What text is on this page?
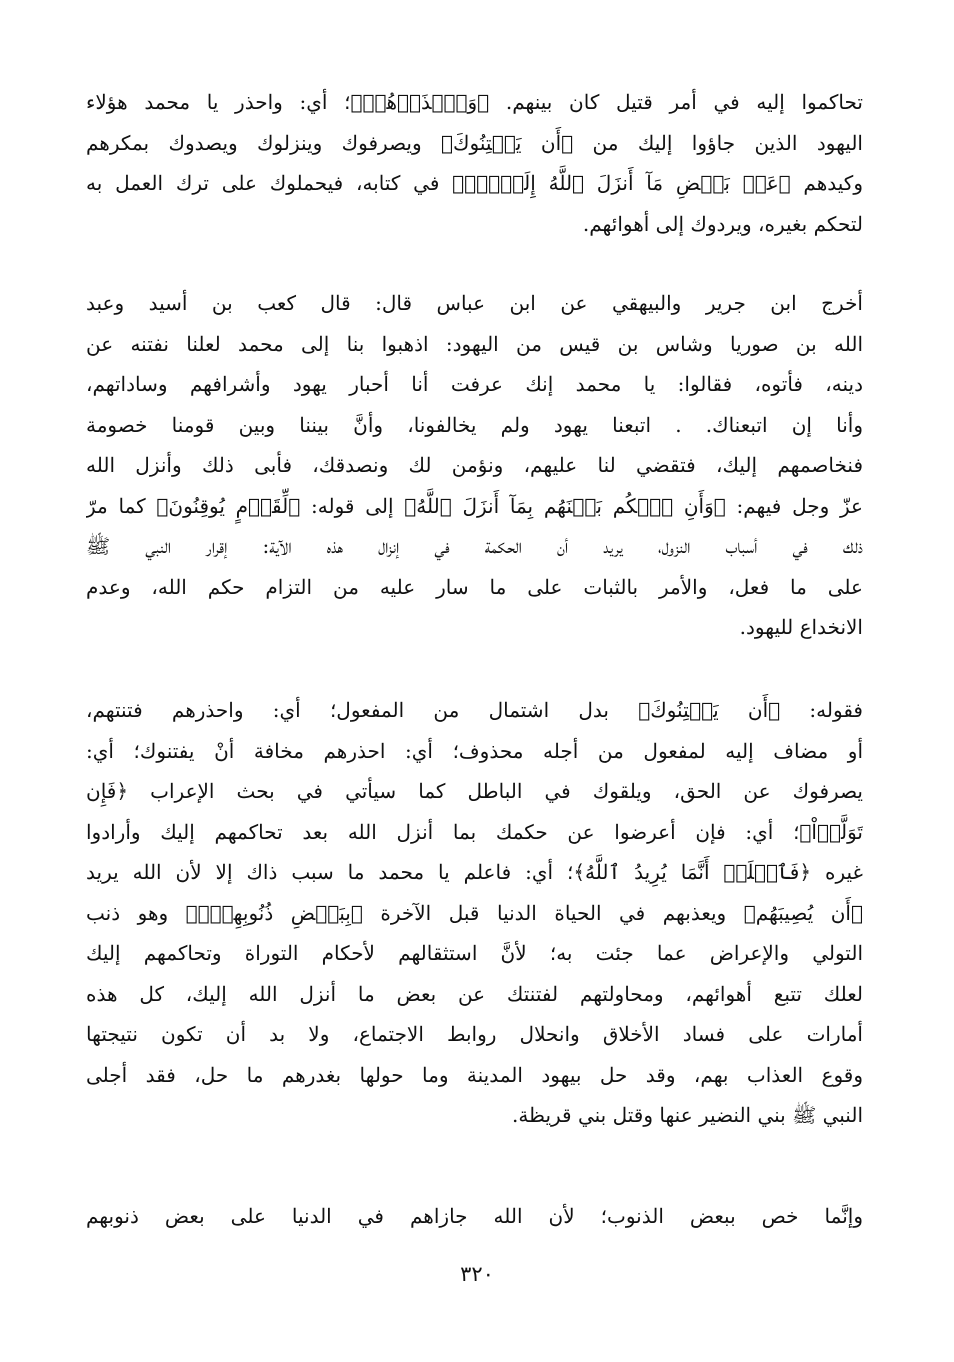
تحاكموا إليه في أمر قتيل كان بينهم. ﴿وَٱحۡذَرۡهُمۡ﴾؛ أي: واحذر يا محمد هؤلاء
اليهود الذين جاؤوا إليك من ﴿أَن يَفۡتِنُوكَ﴾ ويصرفوك وينزلوك ويصدوك بمكرهم
وكيدهم ﴿عَنۢ بَعۡضِ مَآ أَنزَلَ ٱللَّهُ إِلَيۡكَۖ﴾ في كتابه، فيحملوك على ترك العمل به
لتحكم بغيره، ويردوك إلى أهوائهم.
أخرج ابن جرير والبيهقي عن ابن عباس قال: قال كعب بن أسيد وعبد
الله بن صوريا وشاس بن قيس من اليهود: اذهبوا بنا إلى محمد لعلنا نفتنه عن
دينه، فأتوه، فقالوا: يا محمد إنك عرفت أنا أحبار يهود وأشرافهم وساداتهم،
وأنا إن اتبعناك. . اتبعنا يهود ولم يخالفونا، وأنَّ بيننا وبين قومنا خصومة
فنخاصمهم إليك، فتقضي لنا عليهم، ونؤمن لك ونصدقك، فأبى ذلك وأنزل الله
عزّ وجل فيهم: ﴿وَأَنِ ٱحۡكُم بَيۡنَهُم بِمَآ أَنزَلَ ٱللَّهُ﴾ إلى قوله: ﴿لِّقَوۡمٍ يُوقِنُونَ﴾ كما مرّ
ذلك في أسباب النزول، يريد أن الحكمة في إنزال هذه الآية: إقرار النبي ﷺ
على ما فعل، والأمر بالثبات على ما سار عليه من التزام حكم الله، وعدم
الانخداع لليهود.
فقوله: ﴿أَن يَفۡتِنُوكَ﴾ بدل اشتمال من المفعول؛ أي: واحذرهم فتنتهم،
أو مضاف إليه لمفعول من أجله محذوف؛ أي: احذرهم مخافة أنْ يفتنوك؛ أي:
يصرفوك عن الحق، ويلقوك في الباطل كما سيأتي في بحث الإعراب ﴿فَإِن
تَوَلَّوۡاْ﴾؛ أي: فإن أعرضوا عن حكمك بما أنزل الله بعد تحاكمهم إليك وأرادوا
غيره ﴿فَٱعۡلَمۡ أَنَّمَا يُرِيدُ ٱللَّهُ﴾؛ أي: فاعلم يا محمد ما سبب ذاك إلا لأن الله يريد
﴿أَن يُصِيبَهُم﴾ ويعذبهم في الحياة الدنيا قبل الآخرة ﴿بِبَعۡضِ ذُنُوبِهِمۡۗ﴾ وهو ذنب
التولي والإعراض عما جئت به؛ لأنَّ استثقالهم لأحكام التوراة وتحاكمهم إليك
لعلك تتبع أهوائهم، ومحاولتهم لفتنتك عن بعض ما أنزل الله إليك، كل هذه
أمارات على فساد الأخلاق وانحلال روابط الاجتماع، ولا بد أن تكون نتيجتها
وقوع العذاب بهم، وقد حل بيهود المدينة وما حولها بغدرهم ما حل، فقد أجلى
النبي ﷺ بني النضير عنها وقتل بني قريظة.
وإنَّما خص ببعض الذنوب؛ لأن الله جازاهم في الدنيا على بعض ذنوبهم
٣٢٠
